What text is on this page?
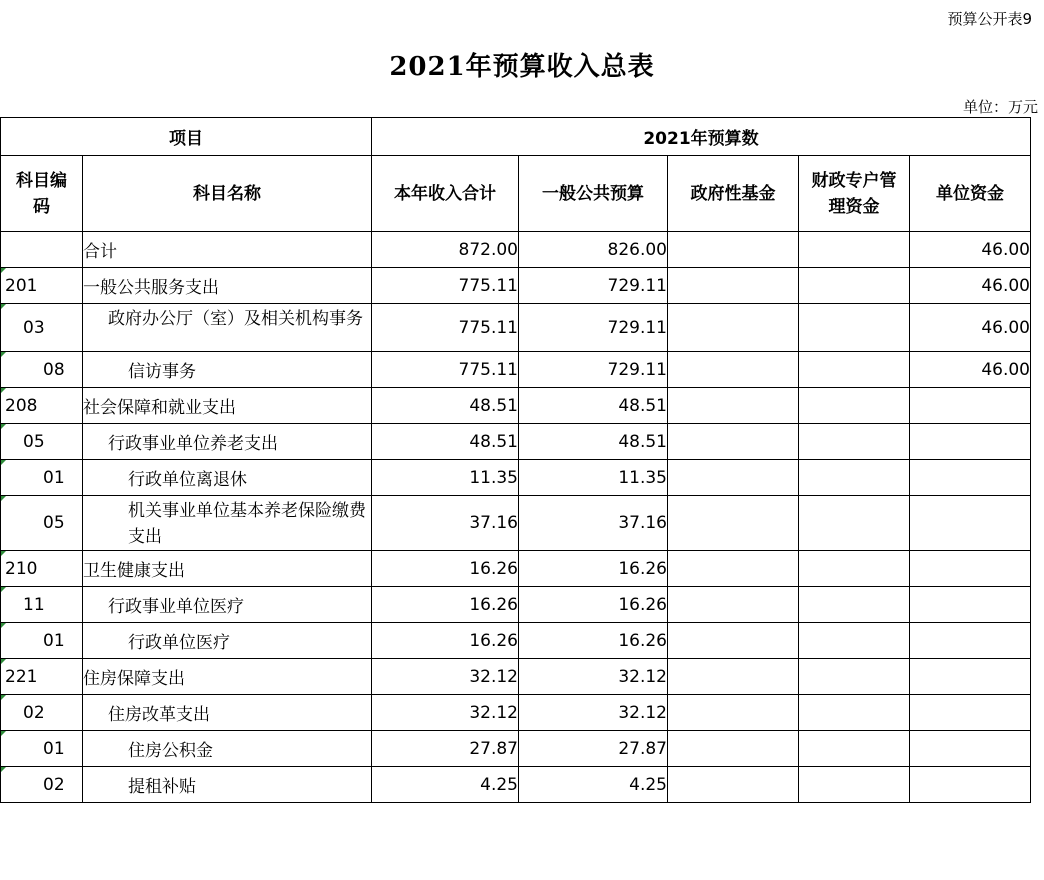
预算公开表9
2021年预算收入总表
单位：万元
项目		2021年预算数				
科目编码	科目名称	本年收入合计	一般公共预算	政府性基金	财政专户管理资金	单位资金
	合计	872.00	826.00			46.00

201	一般公共服务支出	775.11	729.11			46.00

03	政府办公厅（室）及相关机构事务	775.11	729.11			46.00

08	信访事务	775.11	729.11			46.00

208	社会保障和就业支出	48.51	48.51			

05	行政事业单位养老支出	48.51	48.51			

01	行政单位离退休	11.35	11.35			

05	机关事业单位基本养老保险缴费支出	37.16	37.16			

210	卫生健康支出	16.26	16.26			

11	行政事业单位医疗	16.26	16.26			

01	行政单位医疗	16.26	16.26			

221	住房保障支出	32.12	32.12			

02	住房改革支出	32.12	32.12			

01	住房公积金	27.87	27.87			

02	提租补贴	4.25	4.25			
